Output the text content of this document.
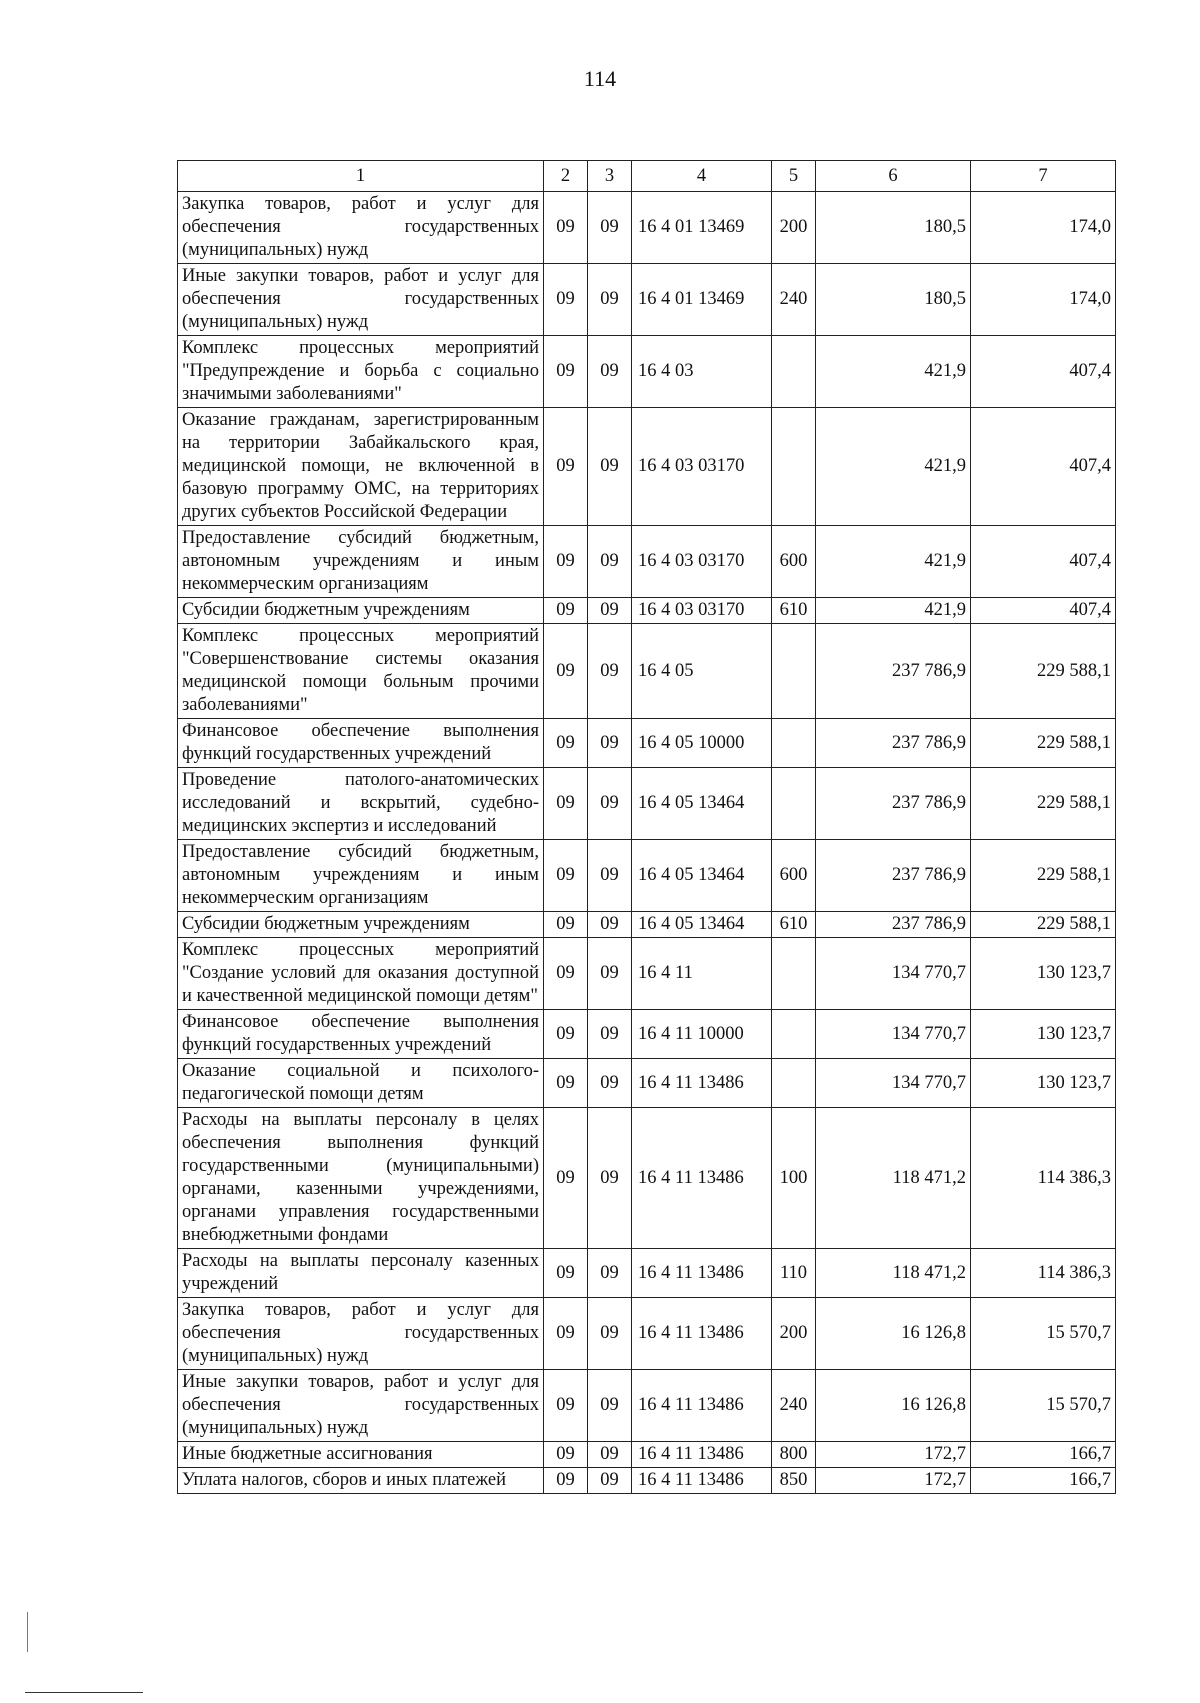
114
1	2	3	4	5	6	7
Закупка товаров, работ и услуг для обеспечения государственных (муниципальных) нужд	09	09	16 4 01 13469	200	180,5	174,0
Иные закупки товаров, работ и услуг для обеспечения государственных (муниципальных) нужд	09	09	16 4 01 13469	240	180,5	174,0
Комплекс процессных мероприятий "Предупреждение и борьба с социально значимыми заболеваниями"	09	09	16 4 03		421,9	407,4
Оказание гражданам, зарегистрированным на территории Забайкальского края, медицинской помощи, не включенной в базовую программу ОМС, на территориях других субъектов Российской Федерации	09	09	16 4 03 03170		421,9	407,4
Предоставление субсидий бюджетным, автономным учреждениям и иным некоммерческим организациям	09	09	16 4 03 03170	600	421,9	407,4
Субсидии бюджетным учреждениям	09	09	16 4 03 03170	610	421,9	407,4
Комплекс процессных мероприятий "Совершенствование системы оказания медицинской помощи больным прочими заболеваниями"	09	09	16 4 05		237 786,9	229 588,1
Финансовое обеспечение выполнения функций государственных учреждений	09	09	16 4 05 10000		237 786,9	229 588,1
Проведение патолого-анатомических исследований и вскрытий, судебно-медицинских экспертиз и исследований	09	09	16 4 05 13464		237 786,9	229 588,1
Предоставление субсидий бюджетным, автономным учреждениям и иным некоммерческим организациям	09	09	16 4 05 13464	600	237 786,9	229 588,1
Субсидии бюджетным учреждениям	09	09	16 4 05 13464	610	237 786,9	229 588,1
Комплекс процессных мероприятий "Создание условий для оказания доступной и качественной медицинской помощи детям"	09	09	16 4 11		134 770,7	130 123,7
Финансовое обеспечение выполнения функций государственных учреждений	09	09	16 4 11 10000		134 770,7	130 123,7
Оказание социальной и психолого-педагогической помощи детям	09	09	16 4 11 13486		134 770,7	130 123,7
Расходы на выплаты персоналу в целях обеспечения выполнения функций государственными (муниципальными) органами, казенными учреждениями, органами управления государственными внебюджетными фондами	09	09	16 4 11 13486	100	118 471,2	114 386,3
Расходы на выплаты персоналу казенных учреждений	09	09	16 4 11 13486	110	118 471,2	114 386,3
Закупка товаров, работ и услуг для обеспечения государственных (муниципальных) нужд	09	09	16 4 11 13486	200	16 126,8	15 570,7
Иные закупки товаров, работ и услуг для обеспечения государственных (муниципальных) нужд	09	09	16 4 11 13486	240	16 126,8	15 570,7
Иные бюджетные ассигнования	09	09	16 4 11 13486	800	172,7	166,7
Уплата налогов, сборов и иных платежей	09	09	16 4 11 13486	850	172,7	166,7
